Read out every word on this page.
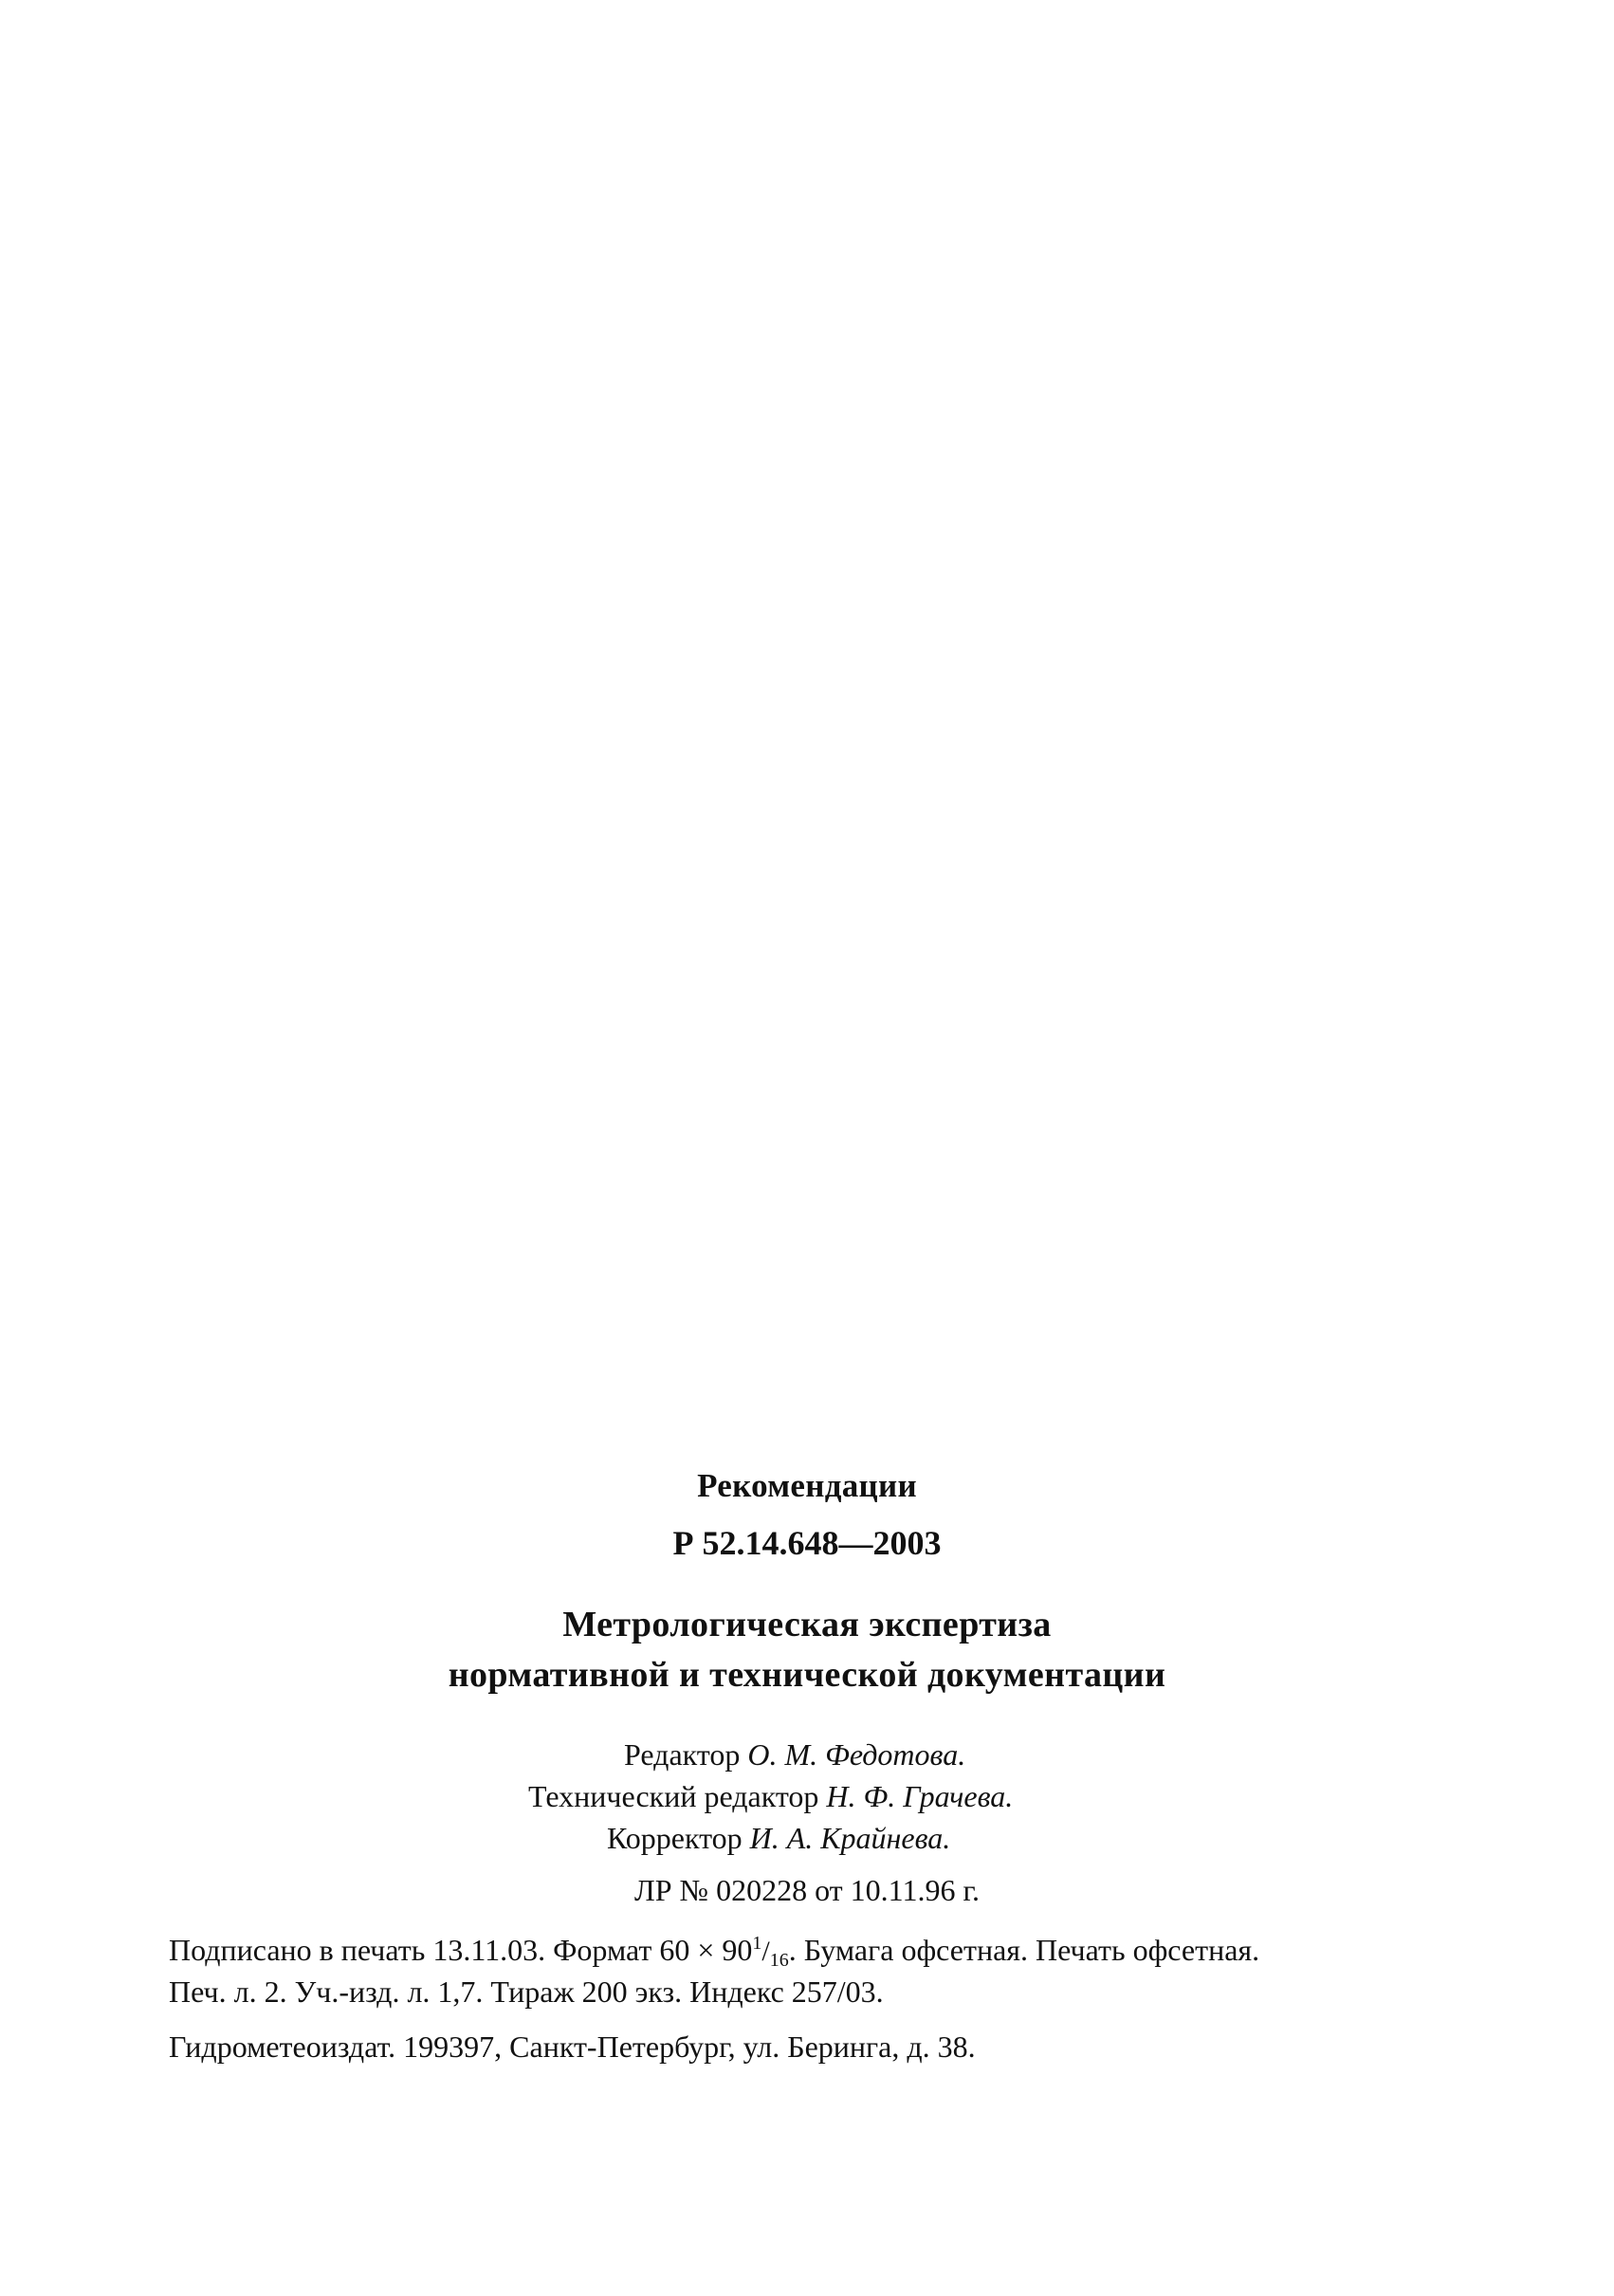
Рекомендации
Р 52.14.648—2003
Метрологическая экспертиза
нормативной и технической документации
Редактор О. М. Федотова.
Технический редактор Н. Ф. Грачева.
Корректор И. А. Крайнева.
ЛР № 020228 от 10.11.96 г.
Подписано в печать 13.11.03. Формат $60 \times 90^1/16$. Бумага офсетная. Печать офсетная.
Печ. л. 2. Уч.-изд. л. 1,7. Тираж 200 экз. Индекс 257/03.
Гидрометеоиздат. 199397, Санкт-Петербург, ул. Беринга, д. 38.
